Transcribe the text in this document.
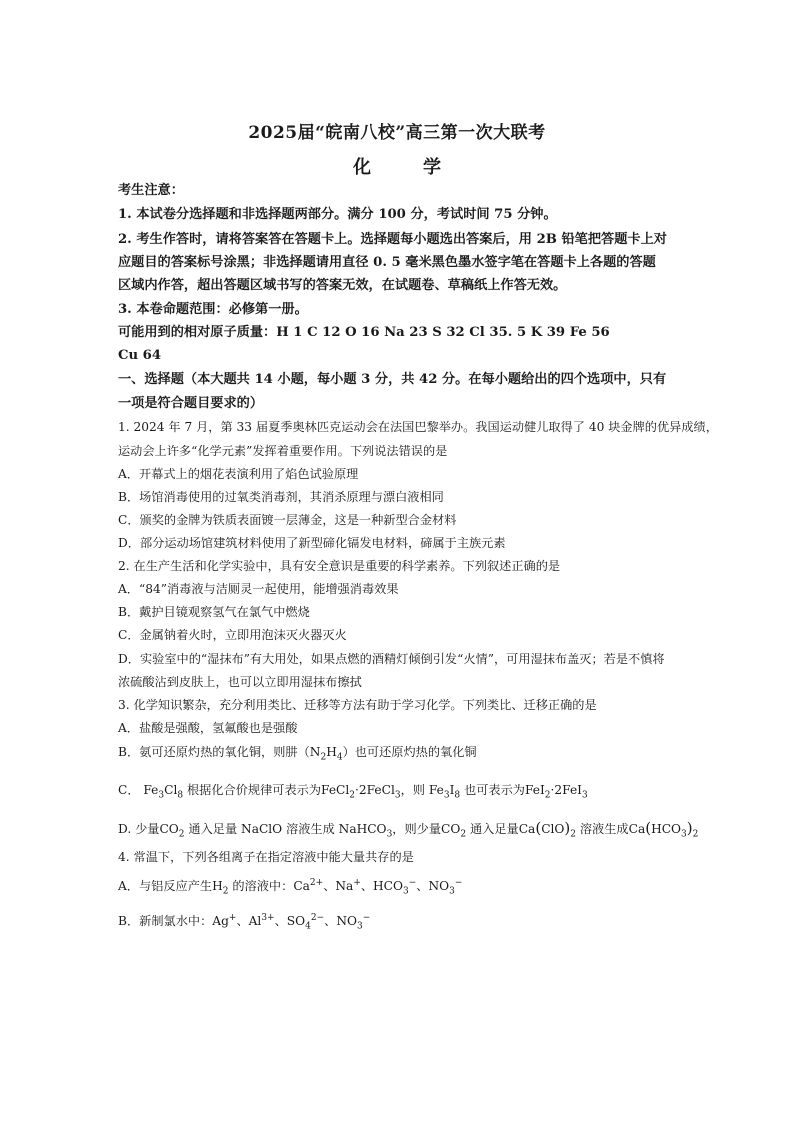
2025届“皖南八校”高三第一次大联考
化	学
考生注意：
1. 本试卷分选择题和非选择题两部分。满分 100 分，考试时间 75 分钟。
2. 考生作答时，请将答案答在答题卡上。选择题每小题选出答案后，用 2B 铅笔把答题卡上对
应题目的答案标号涂黑；非选择题请用直径 0. 5 毫米黑色墨水签字笔在答题卡上各题的答题
区域内作答，超出答题区域书写的答案无效，在试题卷、草稿纸上作答无效。
3. 本卷命题范围：必修第一册。
可能用到的相对原子质量：H 1 C 12 O 16 Na 23 S 32 Cl 35. 5 K 39 Fe 56
Cu 64
一、选择题（本大题共 14 小题，每小题 3 分，共 42 分。在每小题给出的四个选项中，只有
一项是符合题目要求的）
1. 2024 年 7 月，第 33 届夏季奥林匹克运动会在法国巴黎举办。我国运动健儿取得了 40 块金牌的优异成绩，
运动会上许多“化学元素”发挥着重要作用。下列说法错误的是
A．开幕式上的烟花表演利用了焰色试验原理
B．场馆消毒使用的过氧类消毒剂，其消杀原理与漂白液相同
C．颁奖的金牌为铁质表面镀一层薄金，这是一种新型合金材料
D．部分运动场馆建筑材料使用了新型碲化镉发电材料，碲属于主族元素
2. 在生产生活和化学实验中，具有安全意识是重要的科学素养。下列叙述正确的是
A．“84”消毒液与洁厕灵一起使用，能增强消毒效果
B．戴护目镜观察氢气在氯气中燃烧
C．金属钠着火时，立即用泡沫灭火器灭火
D．实验室中的“湿抹布”有大用处，如果点燃的酒精灯倾倒引发“火情”，可用湿抹布盖灭；若是不慎将
浓硫酸沾到皮肤上，也可以立即用湿抹布擦拭
3. 化学知识繁杂，充分利用类比、迁移等方法有助于学习化学。下列类比、迁移正确的是
A．盐酸是强酸，氢氟酸也是强酸
B．氨可还原灼热的氧化铜，则肼$(N_2H_4)$也可还原灼热的氧化铜
C． $Fe_3Cl_8$ 根据化合价规律可表示为FeCl$_2$·2FeCl$_3$，则 $Fe_3I_8$ 也可表示为FeI$_2$·2FeI$_3$
D. 少量$CO_2$ 通入足量 NaClO 溶液生成 NaHCO$_3$，则少量$CO_2$ 通入足量$Ca(ClO)_2$ 溶液生成$Ca(HCO_3)_2$
4. 常温下，下列各组离子在指定溶液中能大量共存的是
A．与铝反应产生$H_2$ 的溶液中：$Ca^{2+}$、Na+、$HCO_3^-$、$NO_3^-$
B．新制氯水中：Ag+、$Al^{3+}$、$SO_4^{2-}$、$NO_3^-$
